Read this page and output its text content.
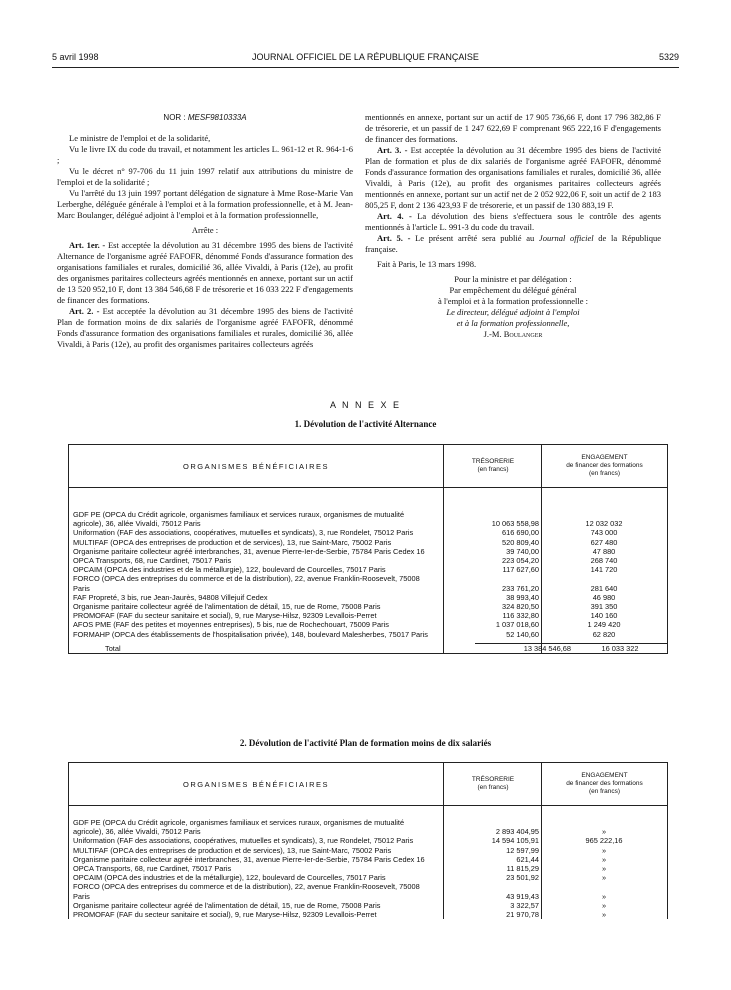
5 avril 1998	JOURNAL OFFICIEL DE LA RÉPUBLIQUE FRANÇAISE	5329
NOR : MESF9810333A

Le ministre de l'emploi et de la solidarité,

Vu le livre IX du code du travail, et notamment les articles L. 961-12 et R. 964-1-6 ;

Vu le décret n° 97-706 du 11 juin 1997 relatif aux attributions du ministre de l'emploi et de la solidarité ;

Vu l'arrêté du 13 juin 1997 portant délégation de signature à Mme Rose-Marie Van Lerberghe, déléguée générale à l'emploi et à la formation professionnelle, et à M. Jean-Marc Boulanger, délégué adjoint à l'emploi et à la formation professionnelle,

Arrête :

Art. 1er. - Est acceptée la dévolution au 31 décembre 1995 des biens de l'activité Alternance de l'organisme agréé FAFOFR, dénommé Fonds d'assurance formation des organisations familiales et rurales, domicilié 36, allée Vivaldi, à Paris (12e), au profit des organismes paritaires collecteurs agréés mentionnés en annexe, portant sur un actif de 13 520 952,10 F, dont 13 384 546,68 F de trésorerie et 16 033 222 F d'engagements de financer des formations.

Art. 2. - Est acceptée la dévolution au 31 décembre 1995 des biens de l'activité Plan de formation moins de dix salariés de l'organisme agréé FAFOFR, dénommé Fonds d'assurance formation des organisations familiales et rurales, domicilié 36, allée Vivaldi, à Paris (12e), au profit des organismes paritaires collecteurs agréés

mentionnés en annexe, portant sur un actif de 17 905 736,66 F, dont 17 796 382,86 F de trésorerie, et un passif de 1 247 622,69 F comprenant 965 222,16 F d'engagements de financer des formations.

Art. 3. - Est acceptée la dévolution au 31 décembre 1995 des biens de l'activité Plan de formation et plus de dix salariés de l'organisme agréé FAFOFR, dénommé Fonds d'assurance formation des organisations familiales et rurales, domicilié 36, allée Vivaldi, à Paris (12e), au profit des organismes paritaires collecteurs agréés mentionnés en annexe, portant sur un actif net de 2 052 922,06 F, soit un actif de 2 183 805,25 F, dont 2 136 423,93 F de trésorerie, et un passif de 130 883,19 F.

Art. 4. - La dévolution des biens s'effectuera sous le contrôle des agents mentionnés à l'article L. 991-3 du code du travail.

Art. 5. - Le présent arrêté sera publié au Journal officiel de la République française.

Fait à Paris, le 13 mars 1998.

Pour la ministre et par délégation :
Par empêchement du délégué général
à l'emploi et à la formation professionnelle :
Le directeur, délégué adjoint à l'emploi
et à la formation professionnelle,
J.-M. Boulanger
A N N E X E
1. Dévolution de l'activité Alternance
ORGANISMES BÉNÉFICIAIRES	TRÉSORERIE
(en francs)
ENGAGEMENT
de financer des formations
(en francs)
GDF PE (OPCA du Crédit agricole, organismes familiaux et services ruraux, organismes de mutualité agricole), 36, allée Vivaldi, 75012 Paris	10 063 558,98	12 032 032
Uniformation (FAF des associations, coopératives, mutuelles et syndicats), 3, rue Rondelet, 75012 Paris	616 690,00	743 000
MULTIFAF (OPCA des entreprises de production et de services), 13, rue Saint-Marc, 75002 Paris	520 809,40	627 480
Organisme paritaire collecteur agréé interbranches, 31, avenue Pierre-Ier-de-Serbie, 75784 Paris Cedex 16	39 740,00	47 880
OPCA Transports, 68, rue Cardinet, 75017 Paris	223 054,20	268 740
OPCAIM (OPCA des industries et de la métallurgie), 122, boulevard de Courcelles, 75017 Paris	117 627,60	141 720
FORCO (OPCA des entreprises du commerce et de la distribution), 22, avenue Franklin-Roosevelt, 75008 Paris	233 761,20	281 640
FAF Propreté, 3 bis, rue Jean-Jaurès, 94808 Villejuif Cedex	38 993,40	46 980
Organisme paritaire collecteur agréé de l'alimentation de détail, 15, rue de Rome, 75008 Paris	324 820,50	391 350
PROMOFAF (FAF du secteur sanitaire et social), 9, rue Maryse-Hilsz, 92309 Levallois-Perret	116 332,80	140 160
AFOS PME (FAF des petites et moyennes entreprises), 5 bis, rue de Rochechouart, 75009 Paris	1 037 018,60	1 249 420
FORMAHP (OPCA des établissements de l'hospitalisation privée), 148, boulevard Malesherbes, 75017 Paris	52 140,60	62 820
Total	13 384 546,68	16 033 322
2. Dévolution de l'activité Plan de formation moins de dix salariés
ORGANISMES BÉNÉFICIAIRES	TRÉSORERIE
(en francs)
ENGAGEMENT
de financer des formations
(en francs)
GDF PE (OPCA du Crédit agricole, organismes familiaux et services ruraux, organismes de mutualité agricole), 36, allée Vivaldi, 75012 Paris	2 893 404,95	»
Uniformation (FAF des associations, coopératives, mutuelles et syndicats), 3, rue Rondelet, 75012 Paris	14 594 105,91	965 222,16
MULTIFAF (OPCA des entreprises de production et de services), 13, rue Saint-Marc, 75002 Paris	12 597,99	»
Organisme paritaire collecteur agréé interbranches, 31, avenue Pierre-Ier-de-Serbie, 75784 Paris Cedex 16	621,44	»
OPCA Transports, 68, rue Cardinet, 75017 Paris	11 815,29	»
OPCAIM (OPCA des industries et de la métallurgie), 122, boulevard de Courcelles, 75017 Paris	23 501,92	»
FORCO (OPCA des entreprises du commerce et de la distribution), 22, avenue Franklin-Roosevelt, 75008 Paris	43 919,43	»
Organisme paritaire collecteur agréé de l'alimentation de détail, 15, rue de Rome, 75008 Paris	3 322,57	»
PROMOFAF (FAF du secteur sanitaire et social), 9, rue Maryse-Hilsz, 92309 Levallois-Perret	21 970,78	»
